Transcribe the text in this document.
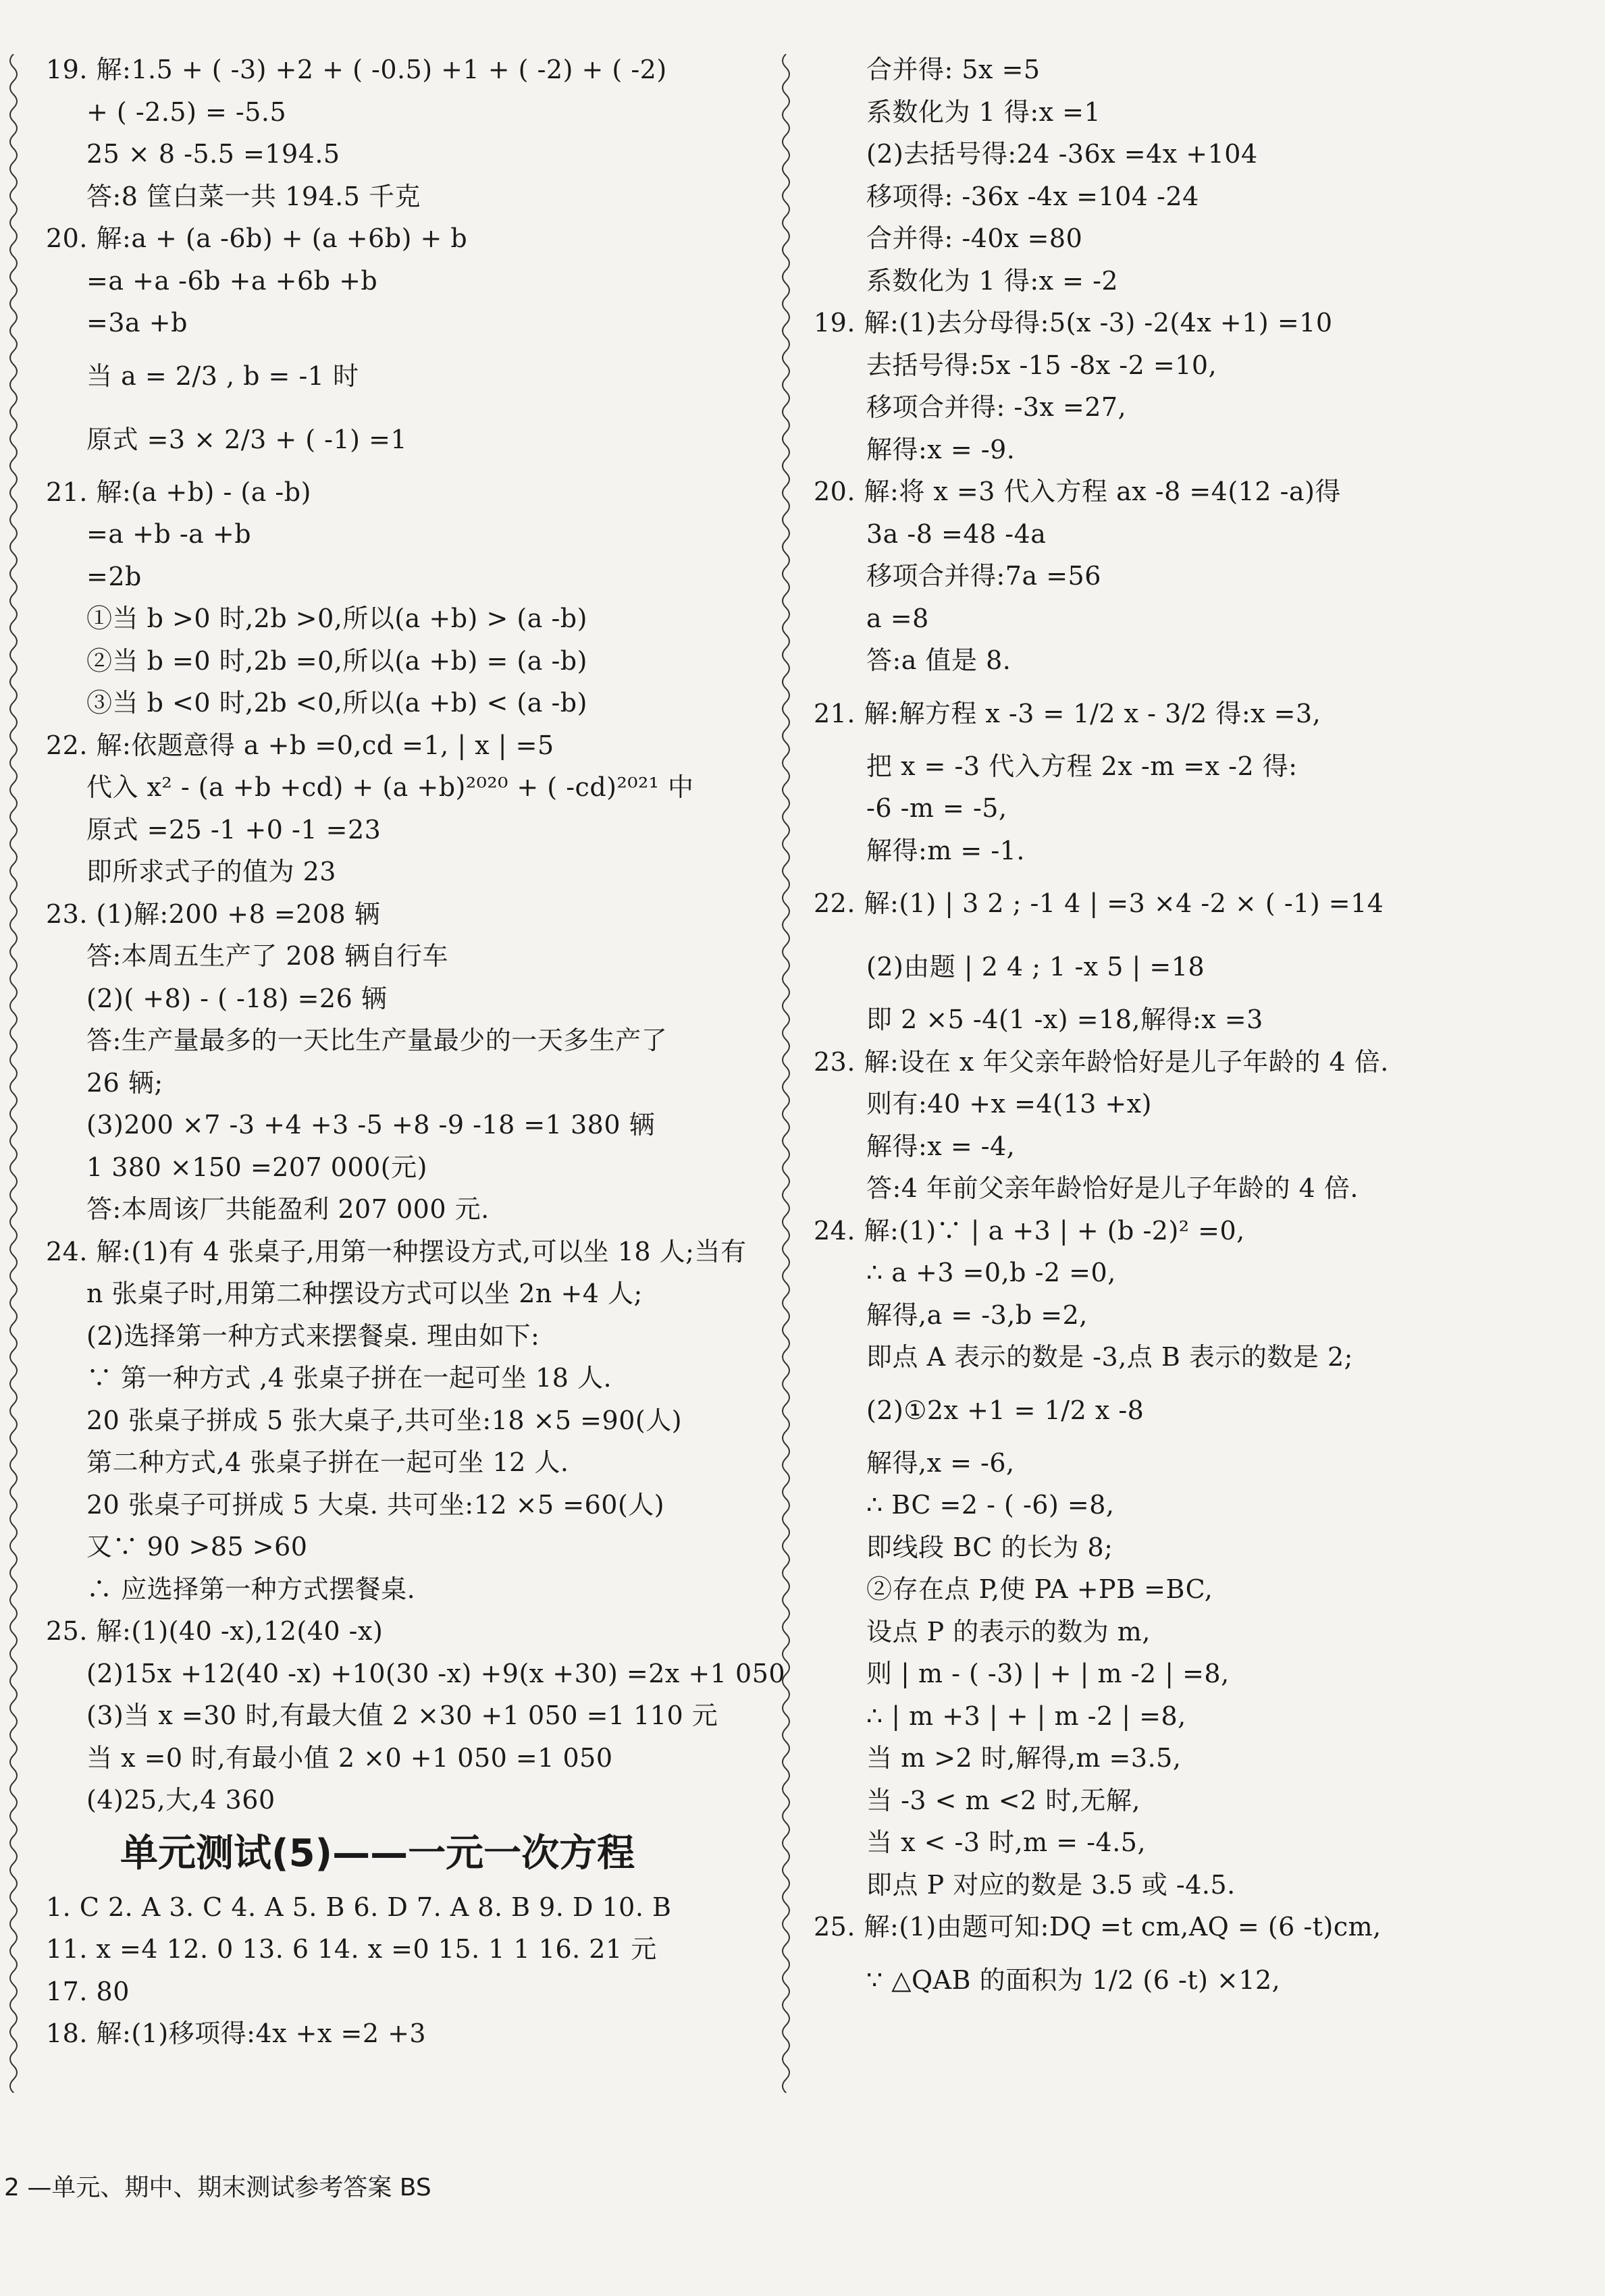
19. 解:1.5 + ( -3) +2 + ( -0.5) +1 + ( -2) + ( -2)
+ ( -2.5) = -5.5
25 × 8 -5.5 =194.5
答:8 筐白菜一共 194.5 千克
20. 解:a + (a -6b) + (a +6b) + b
=a +a -6b +a +6b +b
=3a +b
当 a = 2/3 , b = -1 时
原式 =3 × 2/3 + ( -1) =1
21. 解:(a +b) - (a -b)
=a +b -a +b
=2b
①当 b >0 时,2b >0,所以(a +b) > (a -b)
②当 b =0 时,2b =0,所以(a +b) = (a -b)
③当 b <0 时,2b <0,所以(a +b) < (a -b)
22. 解:依题意得 a +b =0,cd =1, | x | =5
代入 x² - (a +b +cd) + (a +b)²⁰²⁰ + ( -cd)²⁰²¹ 中
原式 =25 -1 +0 -1 =23
即所求式子的值为 23
23. (1)解:200 +8 =208 辆
答:本周五生产了 208 辆自行车
(2)( +8) - ( -18) =26 辆
答:生产量最多的一天比生产量最少的一天多生产了
26 辆;
(3)200 ×7 -3 +4 +3 -5 +8 -9 -18 =1 380 辆
1 380 ×150 =207 000(元)
答:本周该厂共能盈利 207 000 元.
24. 解:(1)有 4 张桌子,用第一种摆设方式,可以坐 18 人;当有
n 张桌子时,用第二种摆设方式可以坐 2n +4 人;
(2)选择第一种方式来摆餐桌. 理由如下:
∵ 第一种方式 ,4 张桌子拼在一起可坐 18 人.
20 张桌子拼成 5 张大桌子,共可坐:18 ×5 =90(人)
第二种方式,4 张桌子拼在一起可坐 12 人.
20 张桌子可拼成 5 大桌. 共可坐:12 ×5 =60(人)
又∵ 90 >85 >60
∴ 应选择第一种方式摆餐桌.
25. 解:(1)(40 -x),12(40 -x)
(2)15x +12(40 -x) +10(30 -x) +9(x +30) =2x +1 050
(3)当 x =30 时,有最大值 2 ×30 +1 050 =1 110 元
当 x =0 时,有最小值 2 ×0 +1 050 =1 050
(4)25,大,4 360
单元测试(5)——一元一次方程
1. C 2. A 3. C 4. A 5. B 6. D 7. A 8. B 9. D 10. B
11. x =4 12. 0 13. 6 14. x =0 15. 1 1 16. 21 元
17. 80
18. 解:(1)移项得:4x +x =2 +3
合并得: 5x =5
系数化为 1 得:x =1
(2)去括号得:24 -36x =4x +104
移项得: -36x -4x =104 -24
合并得: -40x =80
系数化为 1 得:x = -2
19. 解:(1)去分母得:5(x -3) -2(4x +1) =10
去括号得:5x -15 -8x -2 =10,
移项合并得: -3x =27,
解得:x = -9.
20. 解:将 x =3 代入方程 ax -8 =4(12 -a)得
3a -8 =48 -4a
移项合并得:7a =56
a =8
答:a 值是 8.
21. 解:解方程 x -3 = 1/2 x - 3/2 得:x =3,
把 x = -3 代入方程 2x -m =x -2 得:
-6 -m = -5,
解得:m = -1.
22. 解:(1) | 3 2 ; -1 4 | =3 ×4 -2 × ( -1) =14
(2)由题 | 2 4 ; 1 -x 5 | =18
即 2 ×5 -4(1 -x) =18,解得:x =3
23. 解:设在 x 年父亲年龄恰好是儿子年龄的 4 倍.
则有:40 +x =4(13 +x)
解得:x = -4,
答:4 年前父亲年龄恰好是儿子年龄的 4 倍.
24. 解:(1)∵ | a +3 | + (b -2)² =0,
∴ a +3 =0,b -2 =0,
解得,a = -3,b =2,
即点 A 表示的数是 -3,点 B 表示的数是 2;
(2)①2x +1 = 1/2 x -8
解得,x = -6,
∴ BC =2 - ( -6) =8,
即线段 BC 的长为 8;
②存在点 P,使 PA +PB =BC,
设点 P 的表示的数为 m,
则 | m - ( -3) | + | m -2 | =8,
∴ | m +3 | + | m -2 | =8,
当 m >2 时,解得,m =3.5,
当 -3 < m <2 时,无解,
当 x < -3 时,m = -4.5,
即点 P 对应的数是 3.5 或 -4.5.
25. 解:(1)由题可知:DQ =t cm,AQ = (6 -t)cm,
∵ △QAB 的面积为 1/2 (6 -t) ×12,
2 —单元、期中、期末测试参考答案 BS
